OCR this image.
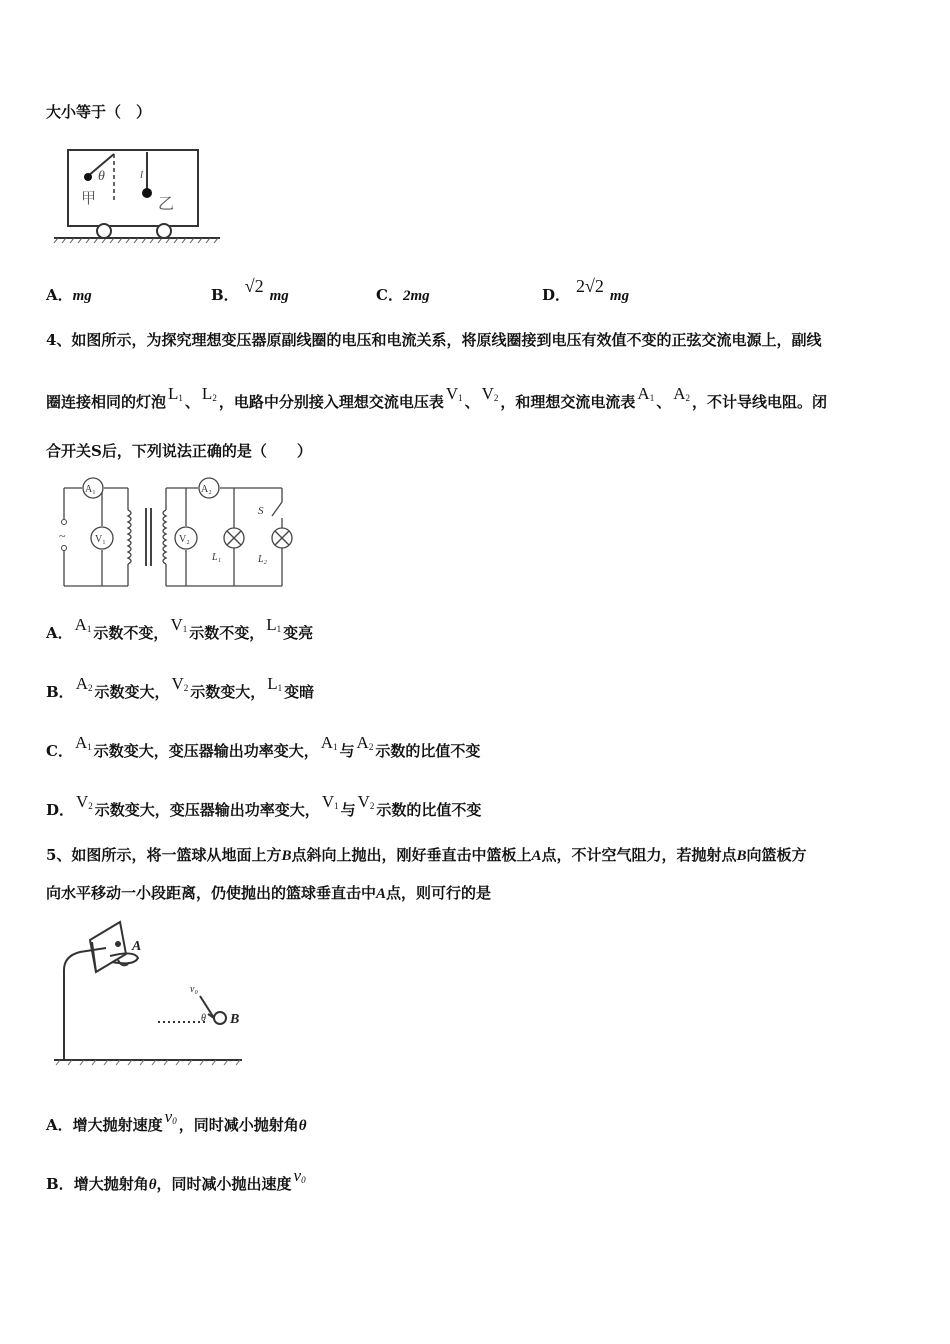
大小等于（　）
θ	l
甲	乙
A．mg	B． √2 mg	C．2mg	D． 2√2 mg
4、如图所示，为探究理想变压器原副线圈的电压和电流关系，将原线圈接到电压有效值不变的正弦交流电源上，副线
圈连接相同的灯泡 $L_1$ 、 $L_2$ ，电路中分别接入理想交流电压表 $V_1$ 、 $V_2$ ，和理想交流电流表 $A_1$ 、 $A_2$ ，不计导线电阻。闭
合开关S后，下列说法正确的是（　　）
~
A₁
V₁
A₂
V₂
L₁	L₂
S
A． $A_1$ 示数不变， $V_1$ 示数不变， $L_1$ 变亮
B． $A_2$ 示数变大， $V_2$ 示数变大， $L_1$ 变暗
C． $A_1$ 示数变大，变压器输出功率变大， $A_1$ 与 $A_2$ 示数的比值不变
D． $V_2$ 示数变大，变压器输出功率变大， $V_1$ 与 $V_2$ 示数的比值不变
5、如图所示，将一篮球从地面上方B点斜向上抛出，刚好垂直击中篮板上A点，不计空气阻力，若抛射点B向篮板方
向水平移动一小段距离，仍使抛出的篮球垂直击中A点，则可行的是
A
v₀
θ B
A．增大抛射速度 $v_0$ ，同时减小抛射角θ
B．增大抛射角θ，同时减小抛出速度 $v_0$
